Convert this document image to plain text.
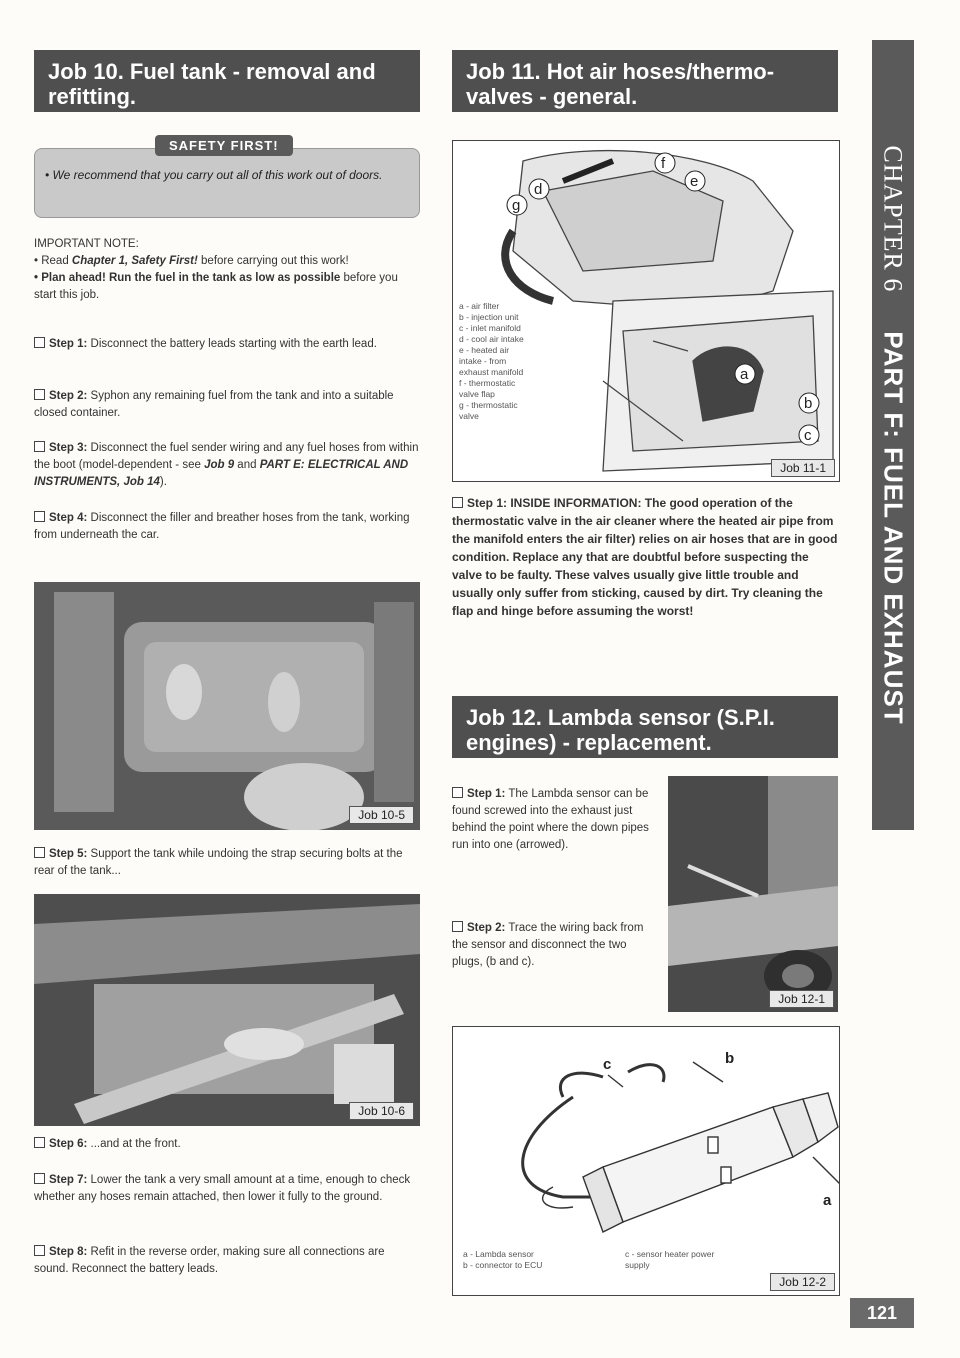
Job 10. Fuel tank - removal and refitting.
SAFETY FIRST!
• We recommend that you carry out all of this work out of doors.
IMPORTANT NOTE:
• Read Chapter 1, Safety First! before carrying out this work!
• Plan ahead! Run the fuel in the tank as low as possible before you start this job.
Step 1: Disconnect the battery leads starting with the earth lead.
Step 2: Syphon any remaining fuel from the tank and into a suitable closed container.
Step 3: Disconnect the fuel sender wiring and any fuel hoses from within the boot (model-dependent - see Job 9 and PART E: ELECTRICAL AND INSTRUMENTS, Job 14).
Step 4: Disconnect the filler and breather hoses from the tank, working from underneath the car.
Job 10-5
Step 5: Support the tank while undoing the strap securing bolts at the rear of the tank...
Job 10-6
Step 6: ...and at the front.
Step 7: Lower the tank a very small amount at a time, enough to check whether any hoses remain attached, then lower it fully to the ground.
Step 8: Refit in the reverse order, making sure all connections are sound. Reconnect the battery leads.
Job 11. Hot air hoses/thermo-valves - general.
a
b
c
d	e
f
g
a - air filter
b - injection unit
c - inlet manifold
d - cool air intake
e - heated air
intake - from
exhaust manifold
f - thermostatic
valve flap
g - thermostatic
valve
Job 11-1
Step 1: INSIDE INFORMATION: The good operation of the thermostatic valve in the air cleaner where the heated air pipe from the manifold enters the air filter) relies on air hoses that are in good condition. Replace any that are doubtful before suspecting the valve to be faulty. These valves usually give little trouble and usually only suffer from sticking, caused by dirt. Try cleaning the flap and hinge before assuming the worst!
Job 12. Lambda sensor (S.P.I. engines) - replacement.
Step 1: The Lambda sensor can be found screwed into the exhaust just behind the point where the down pipes run into one (arrowed).
Step 2: Trace the wiring back from the sensor and disconnect the two plugs, (b and c).
Job 12-1
c	b
a
a - Lambda sensor
b - connector to ECU
c - sensor heater power
supply
Job 12-2
CHAPTER 6  PART F: FUEL AND EXHAUST
121
